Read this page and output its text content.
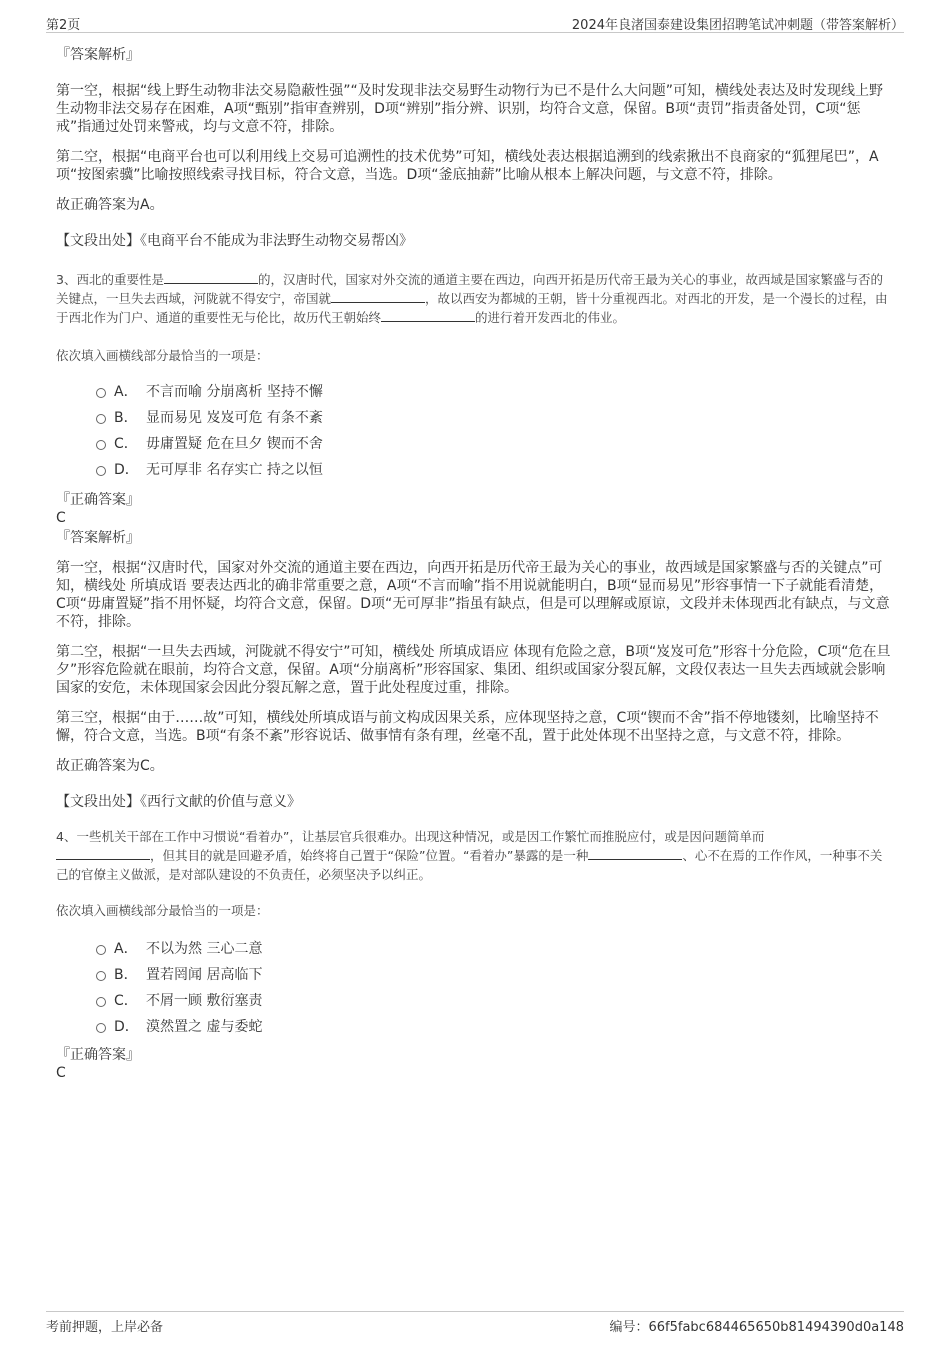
第2页	2024年良渚国泰建设集团招聘笔试冲刺题（带答案解析）

『答案解析』

第一空，根据“线上野生动物非法交易隐蔽性强”“及时发现非法交易野生动物行为已不是什么大问题”可知，横线处表达及时发现线上野生动物非法交易存在困难，A项“甄别”指审查辨别，D项“辨别”指分辨、识别，均符合文意，保留。B项“责罚”指责备处罚，C项“惩戒”指通过处罚来警戒，均与文意不符，排除。

第二空，根据“电商平台也可以利用线上交易可追溯性的技术优势”可知，横线处表达根据追溯到的线索揪出不良商家的“狐狸尾巴”，A项“按图索骥”比喻按照线索寻找目标，符合文意，当选。D项“釜底抽薪”比喻从根本上解决问题，与文意不符，排除。

故正确答案为A。

【文段出处】《电商平台不能成为非法野生动物交易帮凶》

3、西北的重要性是	的，汉唐时代，国家对外交流的通道主要在西边，向西开拓是历代帝王最为关心的事业，故西域是国家繁盛与否的关键点，一旦失去西域，河陇就不得安宁，帝国就	，故以西安为都城的王朝，皆十分重视西北。对西北的开发，是一个漫长的过程，由于西北作为门户、通道的重要性无与伦比，故历代王朝始终	的进行着开发西北的伟业。

依次填入画横线部分最恰当的一项是：

A． 不言而喻 分崩离析 坚持不懈
B． 显而易见 岌岌可危 有条不紊
C． 毋庸置疑 危在旦夕 锲而不舍
D． 无可厚非 名存实亡 持之以恒

『正确答案』

C

『答案解析』

第一空，根据“汉唐时代，国家对外交流的通道主要在西边，向西开拓是历代帝王最为关心的事业，故西域是国家繁盛与否的关键点”可知，横线处 所填成语 要表达西北的确非常重要之意，A项“不言而喻”指不用说就能明白，B项“显而易见”形容事情一下子就能看清楚，C项“毋庸置疑”指不用怀疑，均符合文意，保留。D项“无可厚非”指虽有缺点，但是可以理解或原谅，文段并未体现西北有缺点，与文意不符，排除。

第二空，根据“一旦失去西域，河陇就不得安宁”可知，横线处 所填成语应 体现有危险之意，B项“岌岌可危”形容十分危险，C项“危在旦夕”形容危险就在眼前，均符合文意，保留。A项“分崩离析”形容国家、集团、组织或国家分裂瓦解，文段仅表达一旦失去西域就会影响国家的安危，未体现国家会因此分裂瓦解之意，置于此处程度过重，排除。

第三空，根据“由于……故”可知，横线处所填成语与前文构成因果关系，应体现坚持之意，C项“锲而不舍”指不停地镂刻，比喻坚持不懈，符合文意，当选。B项“有条不紊”形容说话、做事情有条有理，丝毫不乱，置于此处体现不出坚持之意，与文意不符，排除。

故正确答案为C。

【文段出处】《西行文献的价值与意义》

4、一些机关干部在工作中习惯说“看着办”，让基层官兵很难办。出现这种情况，或是因工作繁忙而推脱应付，或是因问题简单而
，但其目的就是回避矛盾，始终将自己置于“保险”位置。“看着办”暴露的是一种	、心不在焉的工作作风，一种事不关己的官僚主义做派，是对部队建设的不负责任，必须坚决予以纠正。

依次填入画横线部分最恰当的一项是：

A． 不以为然 三心二意
B． 置若罔闻 居高临下
C． 不屑一顾 敷衍塞责
D． 漠然置之 虚与委蛇

『正确答案』

C

考前押题，上岸必备	编号：66f5fabc684465650b81494390d0a148
